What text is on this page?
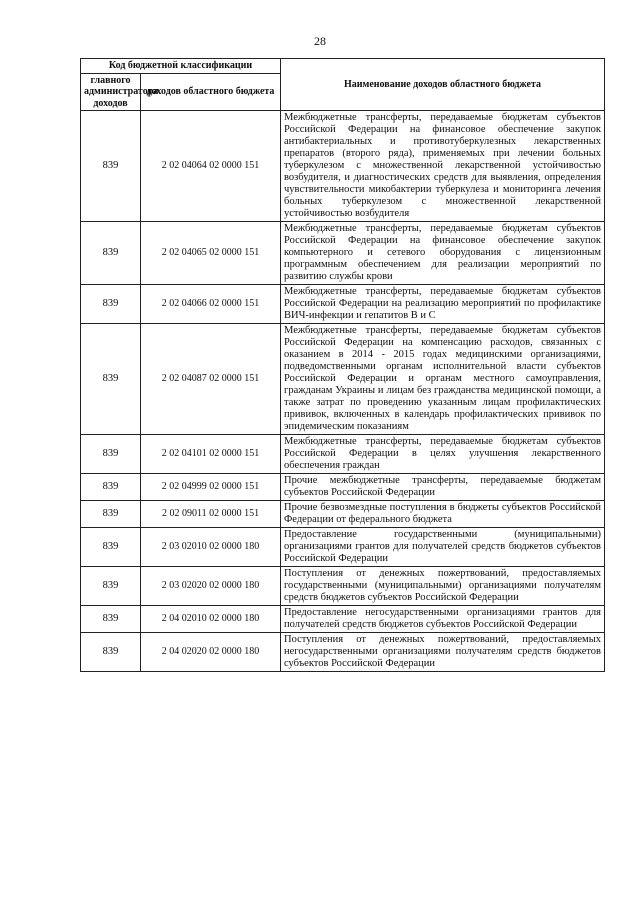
28
Код бюджетной классификации		Наименование доходов областного бюджета
главного администратора доходов	доходов областного бюджета	
839	2 02 04064 02 0000 151	Межбюджетные трансферты, передаваемые бюджетам субъектов Российской Федерации на финансовое обеспечение закупок антибактериальных и противотуберкулезных лекарственных препаратов (второго ряда), применяемых при лечении больных туберкулезом с множественной лекарственной устойчивостью возбудителя, и диагностических средств для выявления, определения чувствительности микобактерии туберкулеза и мониторинга лечения больных туберкулезом с множественной лекарственной устойчивостью возбудителя
839	2 02 04065 02 0000 151	Межбюджетные трансферты, передаваемые бюджетам субъектов Российской Федерации на финансовое обеспечение закупок компьютерного и сетевого оборудования с лицензионным программным обеспечением для реализации мероприятий по развитию службы крови
839	2 02 04066 02 0000 151	Межбюджетные трансферты, передаваемые бюджетам субъектов Российской Федерации на реализацию мероприятий по профилактике ВИЧ-инфекции и гепатитов В и С
839	2 02 04087 02 0000 151	Межбюджетные трансферты, передаваемые бюджетам субъектов Российской Федерации на компенсацию расходов, связанных с оказанием в 2014 - 2015 годах медицинскими организациями, подведомственными органам исполнительной власти субъектов Российской Федерации и органам местного самоуправления, гражданам Украины и лицам без гражданства медицинской помощи, а также затрат по проведению указанным лицам профилактических прививок, включенных в календарь профилактических прививок по эпидемическим показаниям
839	2 02 04101 02 0000 151	Межбюджетные трансферты, передаваемые бюджетам субъектов Российской Федерации в целях улучшения лекарственного обеспечения граждан
839	2 02 04999 02 0000 151	Прочие межбюджетные трансферты, передаваемые бюджетам субъектов Российской Федерации
839	2 02 09011 02 0000 151	Прочие безвозмездные поступления в бюджеты субъектов Российской Федерации от федерального бюджета
839	2 03 02010 02 0000 180	Предоставление государственными (муниципальными) организациями грантов для получателей средств бюджетов субъектов Российской Федерации
839	2 03 02020 02 0000 180	Поступления от денежных пожертвований, предоставляемых государственными (муниципальными) организациями получателям средств бюджетов субъектов Российской Федерации
839	2 04 02010 02 0000 180	Предоставление негосударственными организациями грантов для получателей средств бюджетов субъектов Российской Федерации
839	2 04 02020 02 0000 180	Поступления от денежных пожертвований, предоставляемых негосударственными организациями получателям средств бюджетов субъектов Российской Федерации
